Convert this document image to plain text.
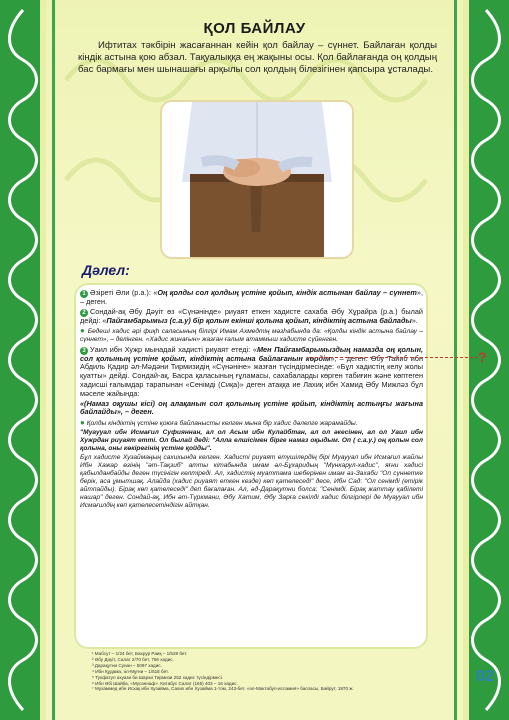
ҚОЛ БАЙЛАУ
Ифтитах тәкбірін жасағаннан кейін қол байлау – сүннет. Байлаған қолды кіндік астына қою абзал. Тақуалыққа ең жақыны осы. Қол байлағанда оң қолдың бас бармағы мен шынашағы арқылы сол қолдың білезігінен қапсыра ұсталады.
Дәлел:

1 Әзіреті Әли (р.а.): «Оң қолды сол қолдың үстіне қойып, кіндік астынан байлау – сүннет», – деген.

2 Сондай-ақ Әбу Дәуіт өз «Сүнәнінде» риуаят еткен хадисте сахаба Әбу Хұрайра (р.а.) былай дейді: «Пайғамбарымыз (с.а.у) бір қолын екінші қолына қойып, кіндіктің астына байлады».

● Бедеші хадис әрі фиқһ саласының білгірі Имам Ахмедтің мәзһабында да: «Қолды кіндік астына байлау – сүннет», – делінген. «Хадис жинағын» жазған ғалым атаммыш хадисте сүйенген.

3 Уаил ибн Хужр мынадай хадисті риуаят етеді: «Мен Пайғамбарымыздың намазда оң қолын, сол қолының үстіне қойып, кіндіктің астына байлағанын көрдім», – деген. Әбу Тайиб ибн Абдиль Қадир әл-Мәдәни Тирмизидің «Сүнәніне» жазған түсіндірмесінде: «Бұл хадистің келу жолы қуатты» дейді. Сондай-ақ, Басра қаласының ғұламасы, сахабаларды көрген табиғин және көптеген хадисші ғалымдар тарапынан «Сенімді (Сиқа)» деген атаққа ие Лахиқ ибн Хамид Әбу Мижләз бұл мәселе жайында:

«(Намаз оқушы кісі) оң алақанын сол қолының үстіне қойып, кіндіктің астыңғы жағына байлайды», – деген.

● Қолды кіндіктің үстіне қоюға байланысты келген мына бір хадис дәлелге жарамайды.

"Муаууал ибн Исмағил Суфияннан, ал ол Асым ибн Кулайбтан, ал ол әкесінен, ал ол Уаил ибн Хужрдан риуаят етті. Ол былай деді: "Алла елшісімен бірге намаз оқыдым. Оп ( с.а.у.) оң қолын сол қолына, оны көкірегінің үстіне қойды".

Бұл хадисте Хузаймаңың сахихында келген. Хадисті риуаят етушілердің бірі Муаууал ибн Исмағил жайлы Ибн Хажар өзінің "әт-Тақзиб" атты кітабында имам әл-Бұхаридың "Мүнкарул-хадис", яғни хадисі қабылданбайды деген түсінігін келтіреді. Ал, хадистің муаттама шеберінен имам әз-Захаби "Оп сүннетке берік, аса ұмытшақ. Алайда (хадис риуаят еткен кезде) көп қателеседі" десе, Ибн Сад: "Ол сенімді (етірік айтпайды). Бірақ көп қателеседі" деп бағалаған. Ал, әд-Дарақутни болса: "Сенімді. Бірақ жаттау қабілеті нашар" деген. Сондай-ақ, Ибн әт-Түркмани, Әбу Хатим, Әбу Зарға секілді хадис білгірлері де Муаууал ибн Исмағилдің көп қателесетіндігін айтқан.

¹ Мабсут – 1/24 бет, Бахрур Раиқ – 1/528 бет.
² Әбу Дәуіт, Салат 2/70 бет, 756 хадис.
³ Дарақутни Сунан – 5097 хадис.
⁴ Ибн Құдама, әл-Мұғни – 1/516 бет.
⁵ Тухфатул ахуази би Шархи Тирмизи 252 хадис түсіндірмесі.
⁶ Ибн Әбі Шайба, «Мусаннаф». Китабус Салат (165) 403 – 16 хадис.
⁷ Мухаммед ибн Исхақ ибн Хузайма, Сахих ибн Хузайма 1-том, 243-бет. «әл-Мактабул-исламия» баспасы, Бәйрут, 1970 ж.
?
02
